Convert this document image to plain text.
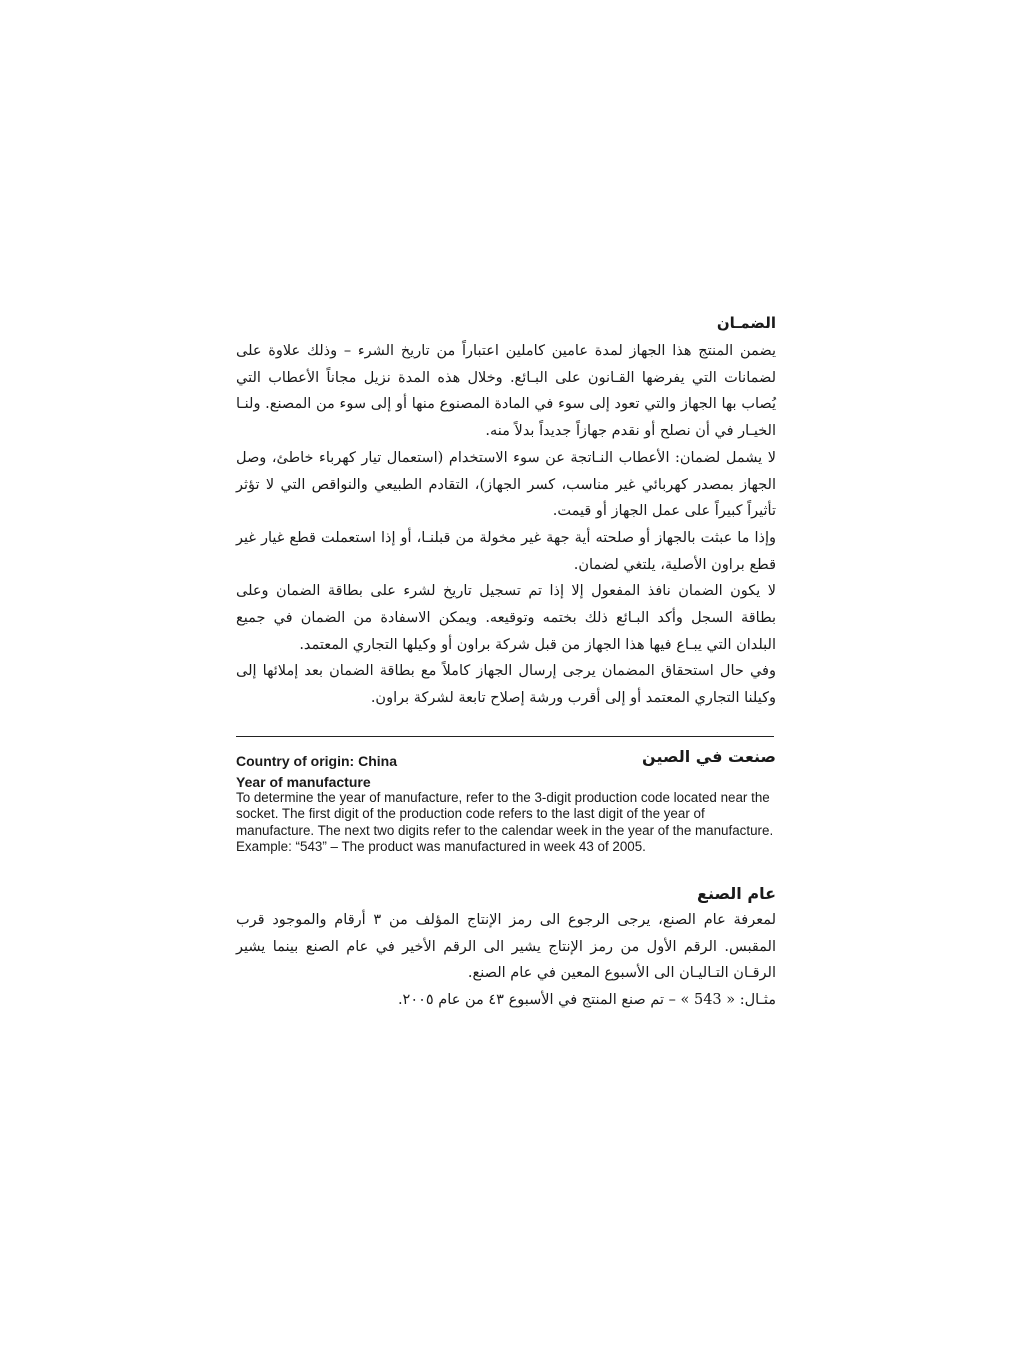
الضمـان

يضمن المنتج هذا الجهاز لمدة عامين كاملين اعتباراً من تاريخ الشرء – وذلك علاوة على لضمانات التي يفرضها القـانون على البـائع. وخلال هذه المدة نزيل مجاناً الأعطاب التي يُصاب بها الجهاز والتي تعود إلى سوء في المادة المصنوع منها أو إلى سوء من المصنع. ولنـا الخيـار في أن نصلح أو نقدم جهازاً جديداً بدلاً منه.

لا يشمل لضمان: الأعطاب النـاتجة عن سوء الاستخدام (استعمال تيار كهرباء خاطئ، وصل الجهاز بمصدر كهربائي غير مناسب، كسر الجهاز)، التقادم الطبيعي والنواقص التي لا تؤثر تأثيراً كبيراً على عمل الجهاز أو قيمت.

وإذا ما عبثت بالجهاز أو صلحته أية جهة غير مخولة من قبلنـا، أو إذا استعملت قطع غيار غير قطع براون الأصلية، يلتغي لضمان.

لا يكون الضمان نافذ المفعول إلا إذا تم تسجيل تاريخ لشرء على بطاقة الضمان وعلى بطاقة السجل وأكد البـائع ذلك بختمه وتوقيعه. ويمكن الاسفادة من الضمان في جميع البلدان التي يبـاع فيها هذا الجهاز من قبل شركة براون أو وكيلها التجاري المعتمد.

وفي حال استحقاق المضمان يرجى إرسال الجهاز كاملاً مع بطاقة الضمان بعد إملائها إلى وكيلنا التجاري المعتمد أو إلى أقرب ورشة إصلاح تابعة لشركة براون.

Country of origin: China	صنعت في الصين
Year of manufacture

To determine the year of manufacture, refer to the 3-digit production code located near the socket. The first digit of the production code refers to the last digit of the year of manufacture. The next two digits refer to the calendar week in the year of the manufacture.

Example: “543” – The product was manufactured in week 43 of 2005.

عام الصنع

لمعرفة عام الصنع، يرجى الرجوع الى رمز الإنتاج المؤلف من ٣ أرقام والموجود قرب المقبس. الرقم الأول من رمز الإنتاج يشير الى الرقم الأخير في عام الصنع بينما يشير الرقـان التـاليـان الى الأسبوع المعين في عام الصنع.

مثـال: « 543 » – تم صنع المنتج في الأسبوع ٤٣ من عام ٢٠٠٥.
